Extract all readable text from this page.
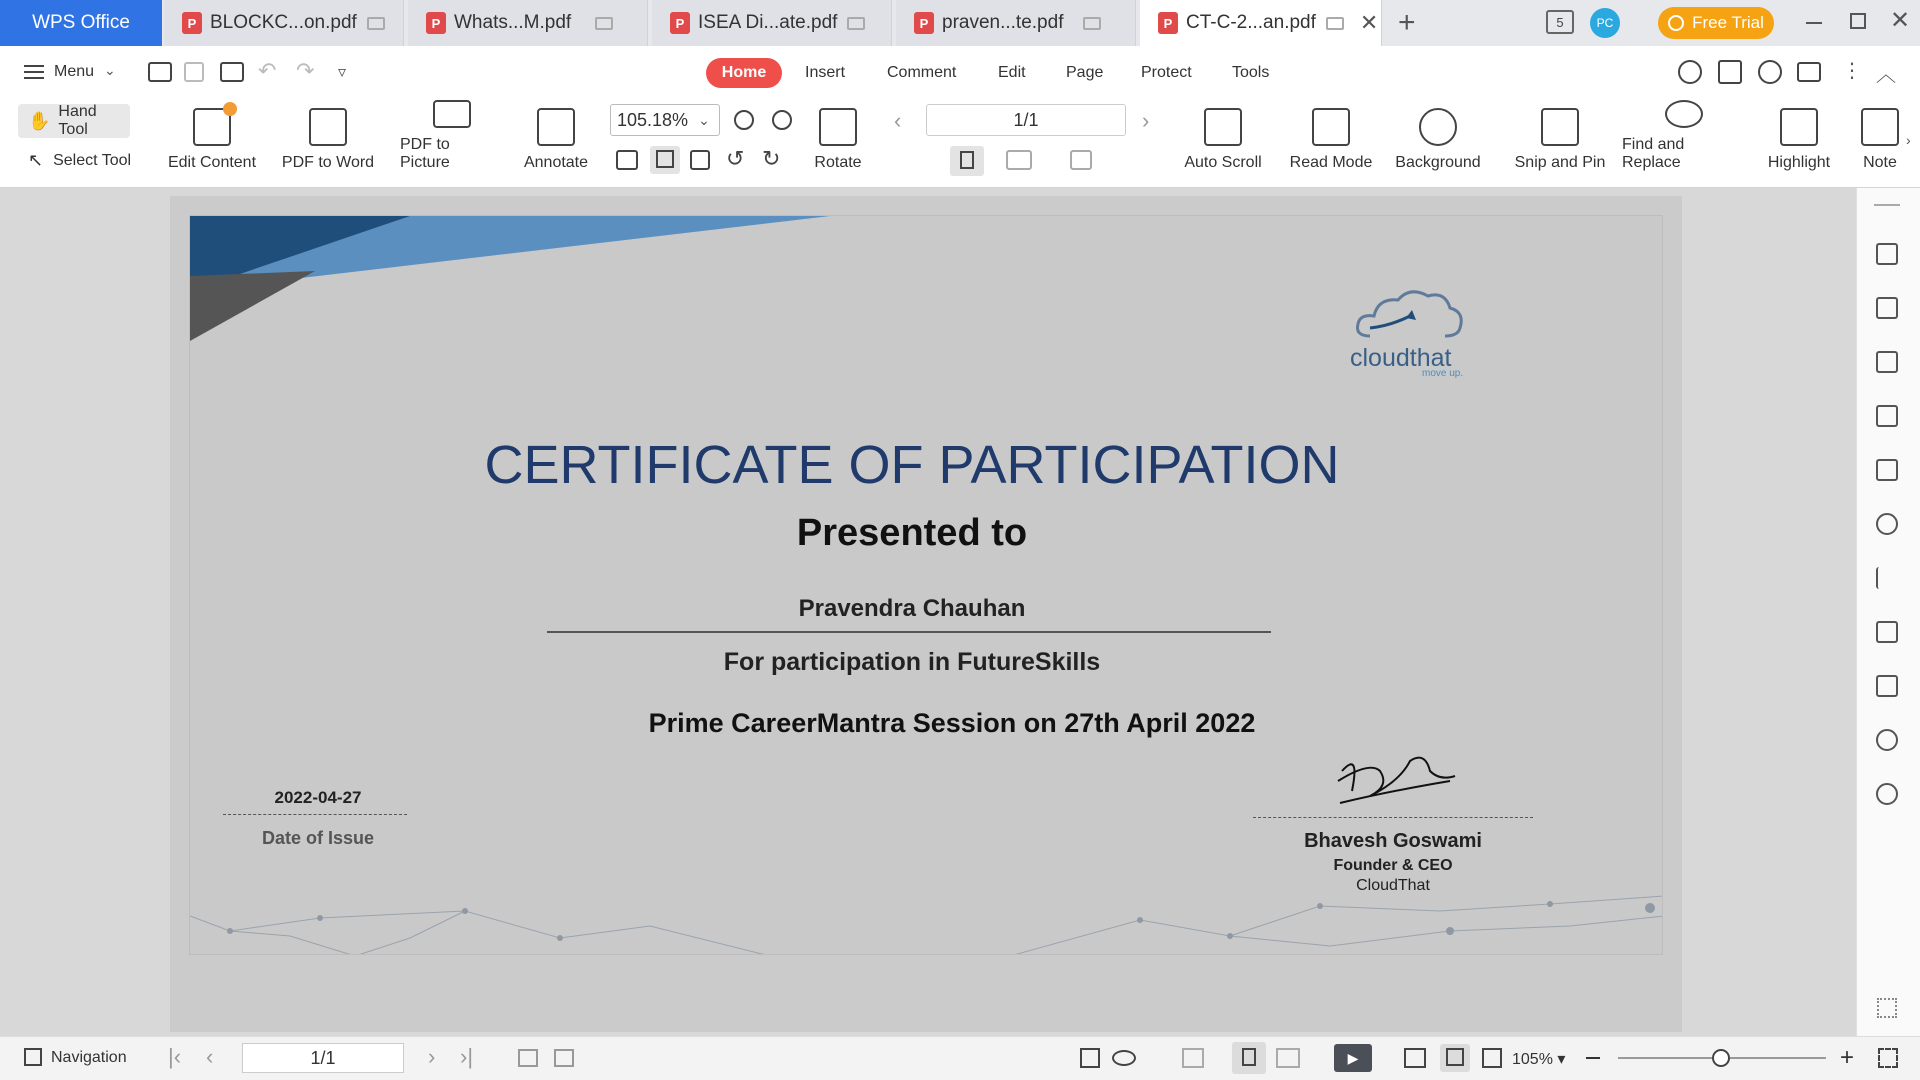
WPS Office	P BLOCKC...on.pdf	P Whats...M.pdf	P ISEA Di...ate.pdf	P praven...te.pdf	P CT-C-2...an.pdf ✕ +	5	PC	Free Trial	✕
Menu ⌄	↶ ↷ ▿	Home	Insert	Comment	Edit	Page Protect	Tools	⋮ ︿
✋ Hand Tool
↖ Select Tool Edit Content PDF to Word
PDF to Picture	Annotate
105.18% ⌄
↺ ↻ Rotate
‹	1/1	›
Auto Scroll Read Mode Background Snip and Pin
Find and Replace	Highlight Note
›
cloudthat
move up.
CERTIFICATE OF PARTICIPATION
Presented to
Pravendra Chauhan
For participation in FutureSkills
Prime CareerMantra Session on 27th April 2022
2022-04-27
Date of Issue	Bhavesh Goswami
Founder & CEO
CloudThat
Navigation |‹ ‹	1/1	› ›|	▶	105% ▾	+
